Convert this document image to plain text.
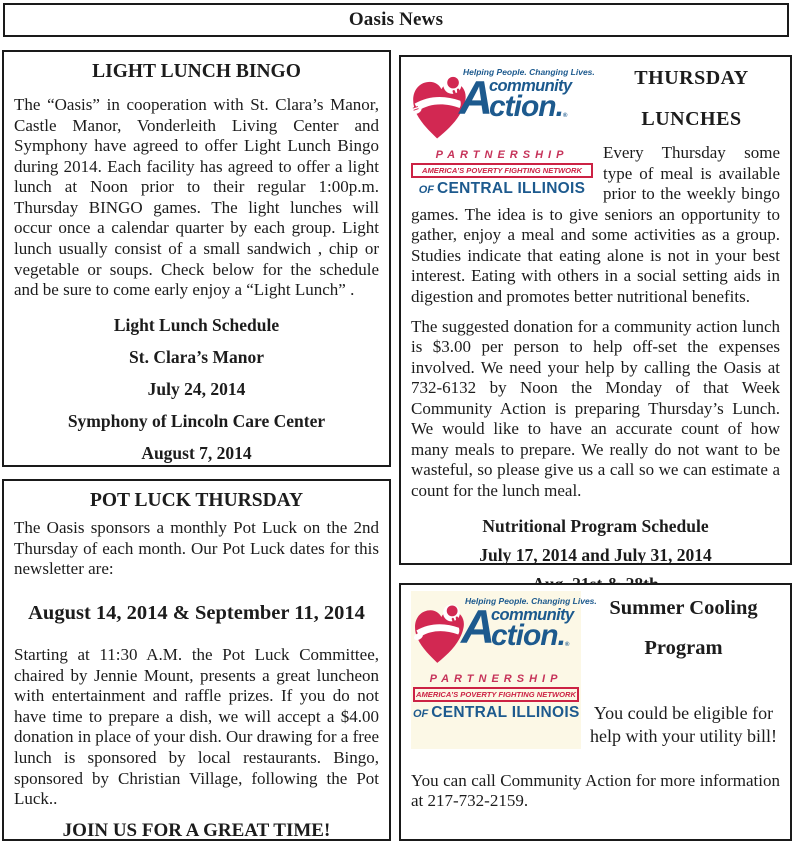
Oasis News
LIGHT LUNCH BINGO

The “Oasis” in cooperation with St. Clara’s Manor, Castle Manor, Vonderleith Living Center and Symphony have agreed to offer Light Lunch Bingo during 2014. Each facility has agreed to offer a light lunch at Noon prior to their regular 1:00p.m. Thursday BINGO games. The light lunches will occur once a calendar quarter by each group. Light lunch usually consist of a small sandwich , chip or vegetable or soups. Check below for the schedule and be sure to come early enjoy a “Light Lunch” .

Light Lunch Schedule
St. Clara’s Manor
July 24, 2014
Symphony of Lincoln Care Center
August 7, 2014
POT LUCK THURSDAY

The Oasis sponsors a monthly Pot Luck on the 2nd Thursday of each month. Our Pot Luck dates for this newsletter are:

August 14, 2014 & September 11, 2014

Starting at 11:30 A.M. the Pot Luck Committee, chaired by Jennie Mount, presents a great luncheon with entertainment and raffle prizes. If you do not have time to prepare a dish, we will accept a $4.00 donation in place of your dish. Our drawing for a free lunch is sponsored by local restaurants. Bingo, sponsored by Christian Village, following the Pot Luck..

JOIN US FOR A GREAT TIME!
Helping People. Changing Lives.
A
community
ction.®
PARTNERSHIP
AMERICA’S POVERTY FIGHTING NETWORK
OF CENTRAL ILLINOIS
THURSDAY
LUNCHES

Every Thursday some type of meal is available prior to the weekly bingo games. The idea is to give seniors an opportunity to gather, enjoy a meal and some activities as a group. Studies indicate that eating alone is not in your best interest. Eating with others in a social setting aids in digestion and promotes better nutritional benefits.

The suggested donation for a community action lunch is $3.00 per person to help off-set the expenses involved. We need your help by calling the Oasis at 732-6132 by Noon the Monday of that Week Community Action is preparing Thursday’s Lunch. We would like to have an accurate count of how many meals to prepare. We really do not want to be wasteful, so please give us a call so we can estimate a count for the lunch meal.

Nutritional Program Schedule
July 17, 2014 and July 31, 2014
Helping People. Changing Lives.
A
community
ction.®
PARTNERSHIP
AMERICA’S POVERTY FIGHTING NETWORK
OF CENTRAL ILLINOIS
Summer Cooling
Program

You could be eligible for help with your utility bill!

You can call Community Action for more information at 217-732-2159.
